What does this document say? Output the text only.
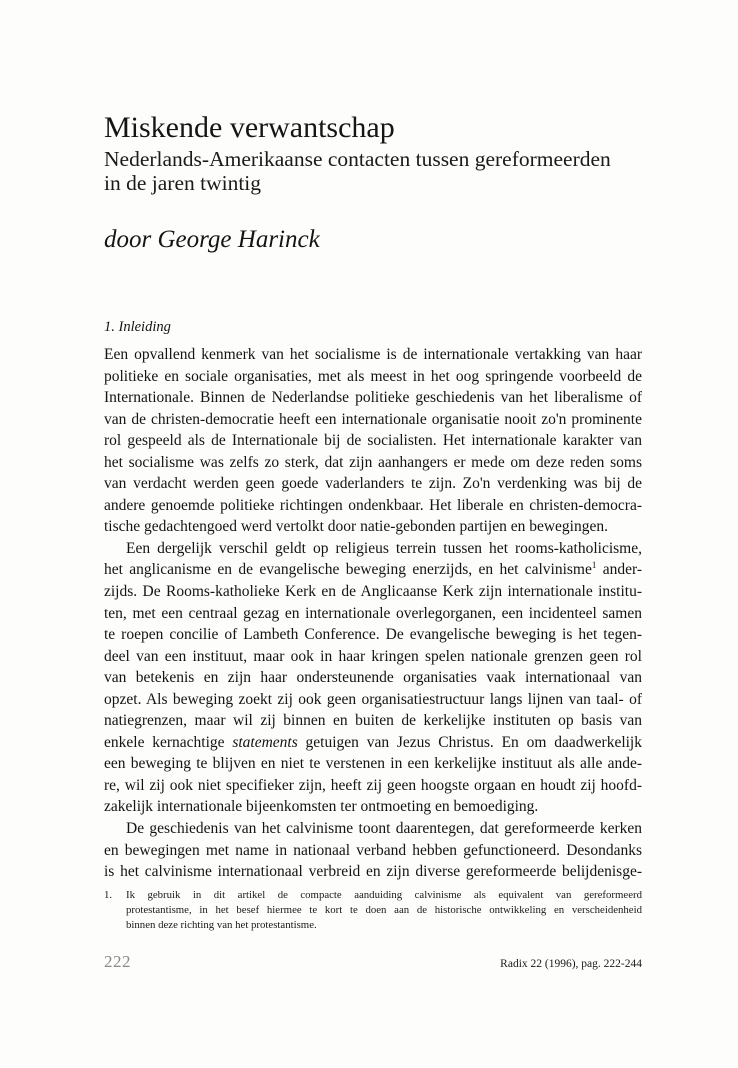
Miskende verwantschap
Nederlands-Amerikaanse contacten tussen gereformeerden
in de jaren twintig
door George Harinck
1. Inleiding
Een opvallend kenmerk van het socialisme is de internationale vertakking van haar
politieke en sociale organisaties, met als meest in het oog springende voorbeeld de
Internationale. Binnen de Nederlandse politieke geschiedenis van het liberalisme of
van de christen-democratie heeft een internationale organisatie nooit zo'n prominente
rol gespeeld als de Internationale bij de socialisten. Het internationale karakter van
het socialisme was zelfs zo sterk, dat zijn aanhangers er mede om deze reden soms
van verdacht werden geen goede vaderlanders te zijn. Zo'n verdenking was bij de
andere genoemde politieke richtingen ondenkbaar. Het liberale en christen-democra-
tische gedachtengoed werd vertolkt door natie-gebonden partijen en bewegingen.
Een dergelijk verschil geldt op religieus terrein tussen het rooms-katholicisme,
het anglicanisme en de evangelische beweging enerzijds, en het calvinisme$^1$ ander-
zijds. De Rooms-katholieke Kerk en de Anglicaanse Kerk zijn internationale institu-
ten, met een centraal gezag en internationale overlegorganen, een incidenteel samen
te roepen concilie of Lambeth Conference. De evangelische beweging is het tegen-
deel van een instituut, maar ook in haar kringen spelen nationale grenzen geen rol
van betekenis en zijn haar ondersteunende organisaties vaak internationaal van
opzet. Als beweging zoekt zij ook geen organisatiestructuur langs lijnen van taal- of
natiegrenzen, maar wil zij binnen en buiten de kerkelijke instituten op basis van
enkele kernachtige statements getuigen van Jezus Christus. En om daadwerkelijk
een beweging te blijven en niet te verstenen in een kerkelijke instituut als alle ande-
re, wil zij ook niet specifieker zijn, heeft zij geen hoogste orgaan en houdt zij hoofd-
zakelijk internationale bijeenkomsten ter ontmoeting en bemoediging.
De geschiedenis van het calvinisme toont daarentegen, dat gereformeerde kerken
en bewegingen met name in nationaal verband hebben gefunctioneerd. Desondanks
is het calvinisme internationaal verbreid en zijn diverse gereformeerde belijdenisge-
1. Ik gebruik in dit artikel de compacte aanduiding calvinisme als equivalent van gereformeerd
protestantisme, in het besef hiermee te kort te doen aan de historische ontwikkeling en verscheidenheid
binnen deze richting van het protestantisme.
222	Radix 22 (1996), pag. 222-244
